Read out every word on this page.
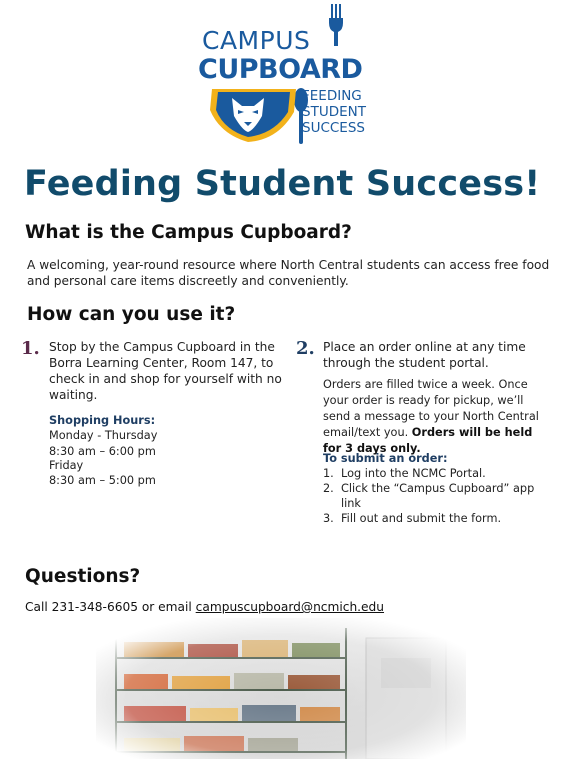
CAMPUS
CUPBOARD
FEEDING
STUDENT
SUCCESS
Feeding Student Success!
What is the Campus Cupboard?
A welcoming, year-round resource where North Central students can access free food and personal care items discreetly and conveniently.
How can you use it?
1. Stop by the Campus Cupboard in the Borra Learning Center, Room 147, to check in and shop for yourself with no waiting.
Shopping Hours:
Monday - Thursday
8:30 am – 6:00 pm
Friday
8:30 am – 5:00 pm
2. Place an order online at any time through the student portal.
Orders are filled twice a week. Once your order is ready for pickup, we’ll send a message to your North Central email/text you. Orders will be held for 3 days only.
To submit an order:
1. Log into the NCMC Portal.
2. Click the “Campus Cupboard” app link
3. Fill out and submit the form.
Questions?
Call 231-348-6605 or email campuscupboard@ncmich.edu
